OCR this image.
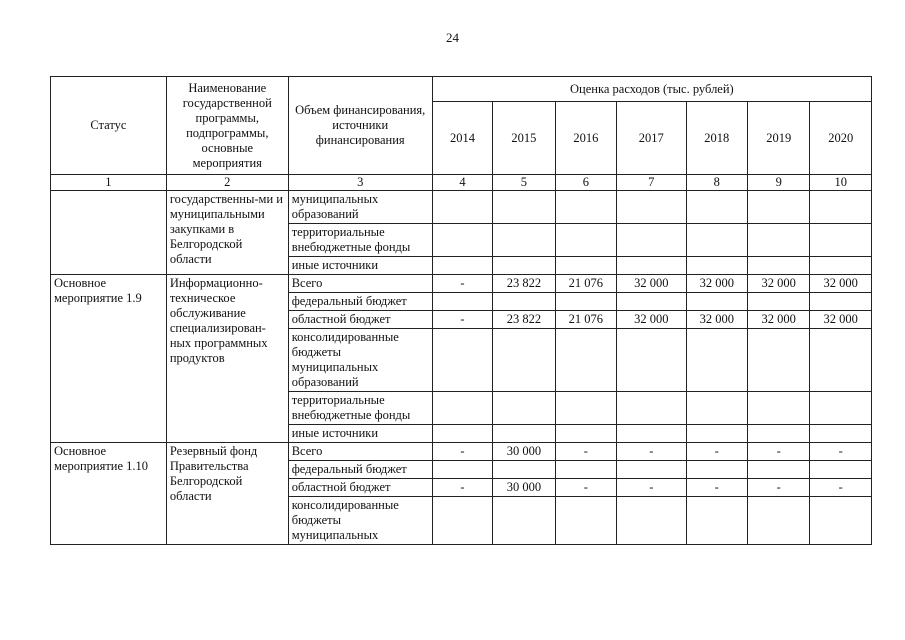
24
Статус	Наименование государственной программы, подпрограммы, основные мероприятия	Объем финансирования, источники финансирования	Оценка расходов (тыс. рублей)						
			2014	2015	2016	2017	2018	2019	2020
1	2	3	4	5	6	7	8	9	10
	государственны-ми и муниципальными закупками в Белгородской области	муниципальных образований							
		территориальные внебюджетные фонды							
		иные источники							
Основное мероприятие 1.9	Информационно-техническое обслуживание специализирован-ных программных продуктов	Всего	-	23 822	21 076	32 000	32 000	32 000	32 000
		федеральный бюджет							
		областной бюджет	-	23 822	21 076	32 000	32 000	32 000	32 000
		консолидированные бюджеты муниципальных образований							
		территориальные внебюджетные фонды							
		иные источники							
Основное мероприятие 1.10	Резервный фонд Правительства Белгородской области	Всего	-	30 000	-	-	-	-	-
		федеральный бюджет							
		областной бюджет	-	30 000	-	-	-	-	-
		консолидированные бюджеты муниципальных							
